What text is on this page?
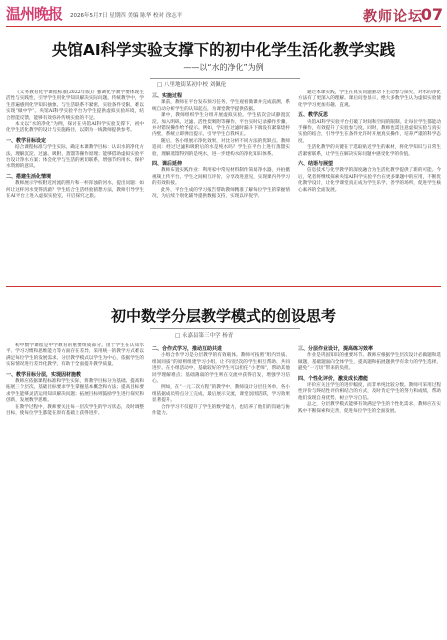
温州晚报 2026年5月7日 星期四 美编 陈华 校对 徐志平	教师论坛
07
央馆AI科学实验支撑下的初中化学生活化教学实践
——以“水的净化”为例
□ 八里地街某初中校 刘佩伦

《义务教育化学课程标准(2022年版)》强调化学教学要体现生活性与实践性，引导学生用化学知识解决实际问题。传统教学中，学生普遍感到化学知识抽象、与生活联系不紧密，实验条件受限，难以实现“做中学”。央馆AI科学实验平台为学生提供虚拟实验环境，结合智能反馈，能够有效弥补传统实验的不足。

本文以“水的净化”为例，探讨在央馆AI科学实验支撑下，初中化学生活化教学的设计与实施路径，以期为一线教师提供参考。

一、教学目标设定

结合课程标准与学生实际，确定本课教学目标：认识水的净化方法，理解沉淀、过滤、吸附、蒸馏等操作原理；能够借助虚拟实验平台设计净水方案；体会化学与生活的密切联系，增强节约用水、保护水资源的意识。

二、搭建生活化情境

教师展示学校附近河流的照片和一杯浑浊的河水，提出问题：如何让这杯河水变得清澈？学生结合生活经验猜想方法，教师引导学生在AI平台上进入虚拟实验室，开启探究之旅。

三、实施过程

课前，教师在平台发布预习任务，学生观看微课并完成前测，系统自动分析学生的认知起点，为课堂教学提供依据。

课中，教师组织学生分组开展虚拟实验。学生依次尝试静置沉淀、加入明矾、过滤、活性炭吸附等操作，平台实时记录操作步骤，并对错误操作给予提示。例如，学生在过滤时漏斗下端没有紧靠烧杯内壁，系统立即弹出提示，引导学生自我纠正。

随后，各小组展示净化效果，对比分析不同方法的优缺点。教师追问：经过过滤和吸附后的水是纯水吗？学生在平台上进行蒸馏实验，理解蒸馏得到的是纯水，进一步建构水的净化知识体系。

四、课后延伸

教师布置实践作业：利用家中常见材料制作简易净水器，并拍摄视频上传平台。学生之间相互评价，分享改进意见，实现课内外学习的有效衔接。

此外，平台生成的学习报告帮助教师精准了解每位学生的掌握情况，为后续个别化辅导提供数据支持，实现以评促学。

通过本课实践，学生在真实问题驱动下主动参与探究，对水的净化方法有了更深入的理解。课后问卷显示，绝大多数学生认为虚拟实验使化学学习更加有趣、直观。

五、教学反思

央馆AI科学实验平台打破了时间和空间的限制，让每位学生都能动手操作，有效提升了实验参与度。同时，教师也需注意虚拟实验与真实实验的结合，引导学生在条件允许时开展真实操作，培养严谨的科学态度。

生活化教学的关键在于选取贴近学生的素材，将化学知识与日常生活紧密联系，让学生在解决实际问题中感受化学的价值。

六、结语与展望

信息技术与化学教学的深度融合为生活化教学提供了新的可能。今后，笔者将继续探索央馆AI科学实验平台在更多课题中的应用，不断优化教学设计，让化学课堂真正成为学生乐学、善学的场所，促进学生核心素养的全面发展。

初中数学分层教学模式的创设思考
□ 永嘉县第三中学 杨青

初中数学课程是中学教育的重要组成部分。由于学生在认知水平、学习习惯和思维能力等方面存在差异，采用统一的教学方式难以满足每位学生的发展需求。分层教学模式以学生为中心，依据学生的实际情况进行差异化教学，有助于全面提升教学质量。

一、教学目标分层，实现因材施教

教师应依据课程标准和学生实际，将教学目标分为基础、提高和拓展三个层次。基础目标要求学生掌握基本概念和方法；提高目标要求学生能够灵活运用知识解决问题；拓展目标则鼓励学生进行探究和创新，发展数学思维。

在教学过程中，教师要关注每一层次学生的学习状态，及时调整目标，使每位学生都能在原有基础上获得进步。

二、合作式学习，推动互助共进

小组合作学习是分层教学的有效载体。教师可按照“组内异质、组间同质”的原则组建学习小组，让不同层次的学生相互帮助、共同进步。在小组活动中，基础较好的学生可以担任“小老师”，帮助其他同学理解难点；基础薄弱的学生则在交流中获得启发，增强学习信心。

例如，在“一元二次方程”的教学中，教师设计分层任务单，各小组依据成员特点分工完成，最后展示交流，课堂氛围活跃，学习效果显著提升。

合作学习不仅提升了学生的数学能力，也培养了他们的沟通与协作能力。

三、分层作业设计，提高练习效率

作业是巩固知识的重要环节。教师应根据学生层次设计必做题和选做题，基础题面向全体学生，提高题和拓展题供学有余力的学生选择，避免“一刀切”带来的负担。

四、个性化评价，激发成长潜能

评价应关注学生的进步幅度，而非单纯比较分数。教师可采用过程性评价与终结性评价相结合的方式，及时肯定学生的努力和成绩，帮助他们发现自身优势，树立学习自信。

总之，分层教学模式能够有效满足学生的个性化需求，教师应在实践中不断探索和完善，促进每位学生的全面发展。
